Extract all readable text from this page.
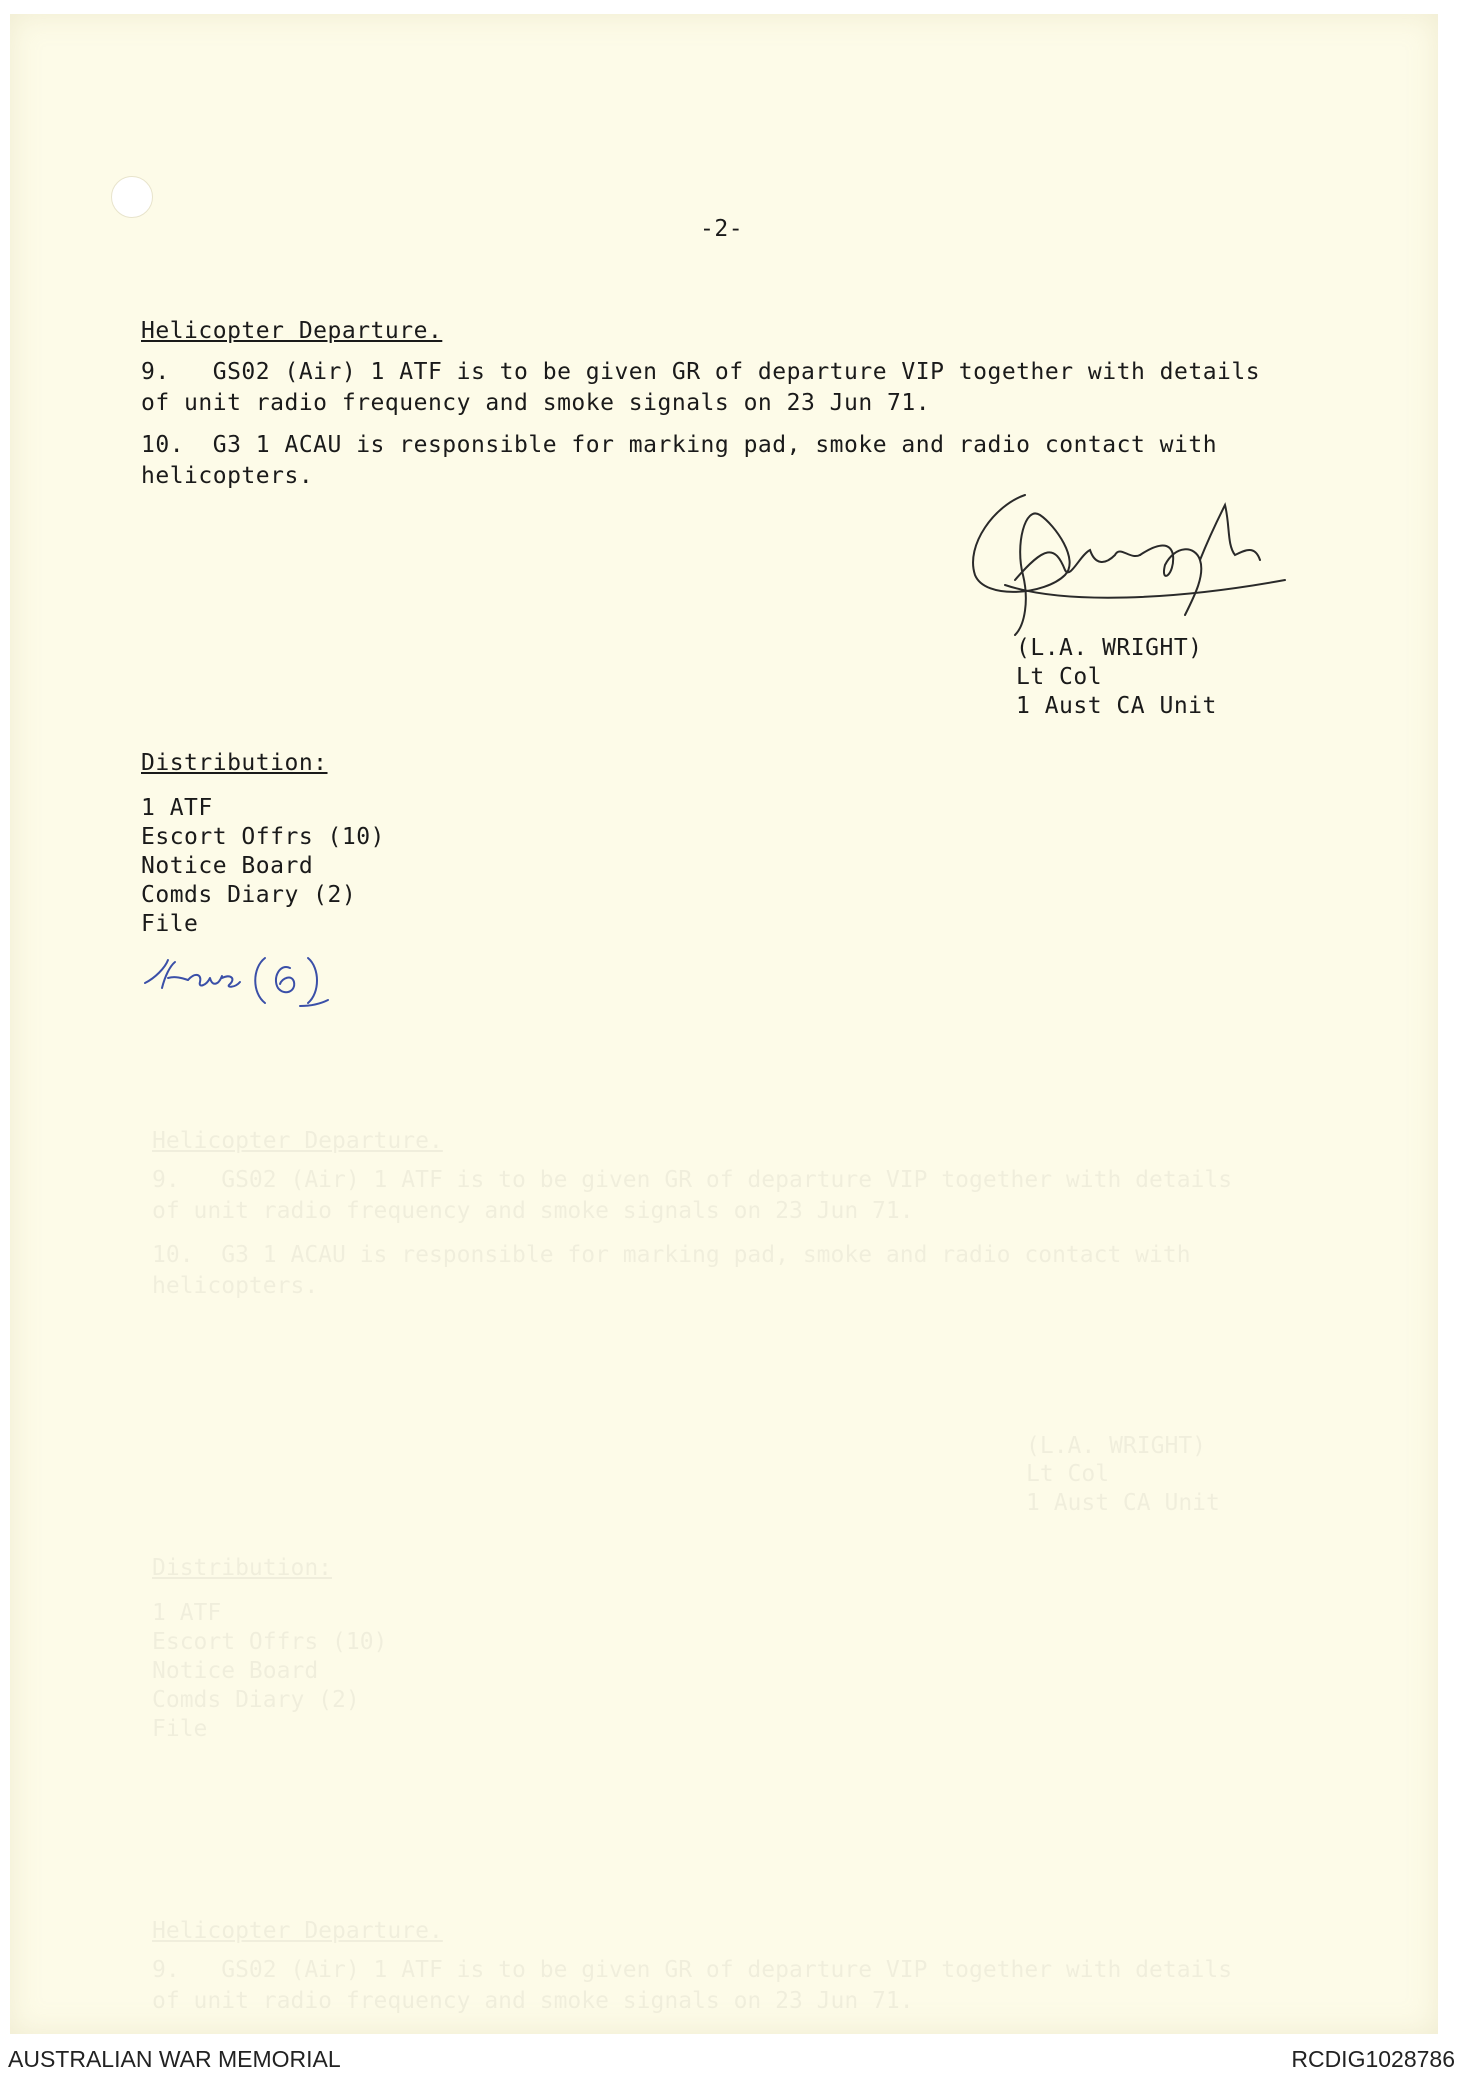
-2-
Helicopter Departure.
9.   GS02 (Air) 1 ATF is to be given GR of departure VIP together with details
of unit radio frequency and smoke signals on 23 Jun 71.
10.  G3 1 ACAU is responsible for marking pad, smoke and radio contact with
helicopters.
(L.A. WRIGHT)
Lt Col
1 Aust CA Unit
Distribution:
1 ATF
Escort Offrs (10)
Notice Board
Comds Diary (2)
File
Helicopter Departure.
9.   GS02 (Air) 1 ATF is to be given GR of departure VIP together with details
of unit radio frequency and smoke signals on 23 Jun 71.
10.  G3 1 ACAU is responsible for marking pad, smoke and radio contact with
helicopters.
(L.A. WRIGHT)
Lt Col
1 Aust CA Unit
Distribution:
1 ATF
Escort Offrs (10)
Notice Board
Comds Diary (2)
File
Helicopter Departure.
9.   GS02 (Air) 1 ATF is to be given GR of departure VIP together with details
of unit radio frequency and smoke signals on 23 Jun 71.
AUSTRALIAN WAR MEMORIAL	RCDIG1028786
